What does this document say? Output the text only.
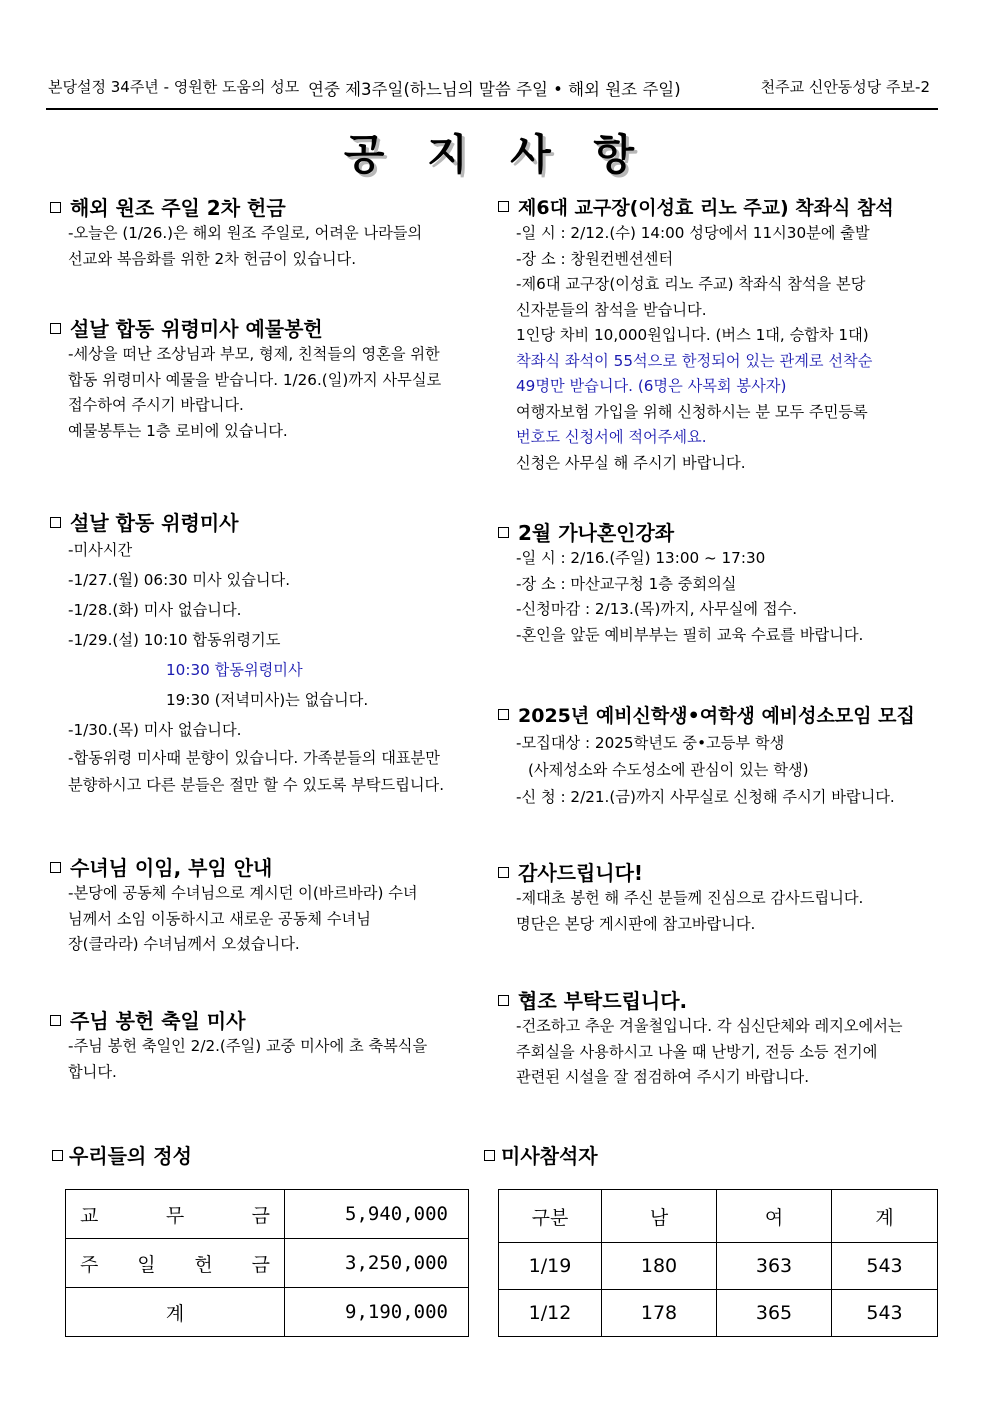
본당설정 34주년 - 영원한 도움의 성모 연중 제3주일(하느님의 말씀 주일 • 해외 원조 주일)	천주교 신안동성당 주보-2
공 지 사 항
해외 원조 주일 2차 헌금

-오늘은 (1/26.)은 해외 원조 주일로, 어려운 나라들의

선교와 복음화를 위한 2차 헌금이 있습니다.

설날 합동 위령미사 예물봉헌

-세상을 떠난 조상님과 부모, 형제, 친척들의 영혼을 위한

합동 위령미사 예물을 받습니다. 1/26.(일)까지 사무실로

접수하여 주시기 바랍니다.

예물봉투는 1층 로비에 있습니다.

설날 합동 위령미사

-미사시간

-1/27.(월) 06:30 미사 있습니다.

-1/28.(화) 미사 없습니다.

-1/29.(설) 10:10 합동위령기도

10:30 합동위령미사

19:30 (저녁미사)는 없습니다.

-1/30.(목) 미사 없습니다.

-합동위령 미사때 분향이 있습니다. 가족분들의 대표분만

분향하시고 다른 분들은 절만 할 수 있도록 부탁드립니다.

수녀님 이임, 부임 안내

-본당에 공동체 수녀님으로 계시던 이(바르바라) 수녀

님께서 소임 이동하시고 새로운 공동체 수녀님

장(클라라) 수녀님께서 오셨습니다.

주님 봉헌 축일 미사

-주님 봉헌 축일인 2/2.(주일) 교중 미사에 초 축복식을

합니다.

제6대 교구장(이성효 리노 주교) 착좌식 참석

-일 시 : 2/12.(수) 14:00 성당에서 11시30분에 출발

-장 소 : 창원컨벤션센터

-제6대 교구장(이성효 리노 주교) 착좌식 참석을 본당

신자분들의 참석을 받습니다.

1인당 차비 10,000원입니다. (버스 1대, 승합차 1대)

착좌식 좌석이 55석으로 한정되어 있는 관계로 선착순

49명만 받습니다. (6명은 사목회 봉사자)

여행자보험 가입을 위해 신청하시는 분 모두 주민등록

번호도 신청서에 적어주세요.

신청은 사무실 해 주시기 바랍니다.

2월 가나혼인강좌

-일 시 : 2/16.(주일) 13:00 ~ 17:30

-장 소 : 마산교구청 1층 중회의실

-신청마감 : 2/13.(목)까지, 사무실에 접수.

-혼인을 앞둔 예비부부는 필히 교육 수료를 바랍니다.

2025년 예비신학생•여학생 예비성소모임 모집

-모집대상 : 2025학년도 중•고등부 학생

(사제성소와 수도성소에 관심이 있는 학생)

-신 청 : 2/21.(금)까지 사무실로 신청해 주시기 바랍니다.

감사드립니다!

-제대초 봉헌 해 주신 분들께 진심으로 감사드립니다.

명단은 본당 게시판에 참고바랍니다.

협조 부탁드립니다.

-건조하고 추운 겨울철입니다. 각 심신단체와 레지오에서는

주회실을 사용하시고 나올 때 난방기, 전등 소등 전기에

관련된 시설을 잘 점검하여 주시기 바랍니다.

우리들의 정성
교 무 금	5,940,000

주 일 헌 금	3,250,000
계	9,190,000
미사참석자
구분	남	여	계
1/19	180	363	543
1/12	178	365	543
